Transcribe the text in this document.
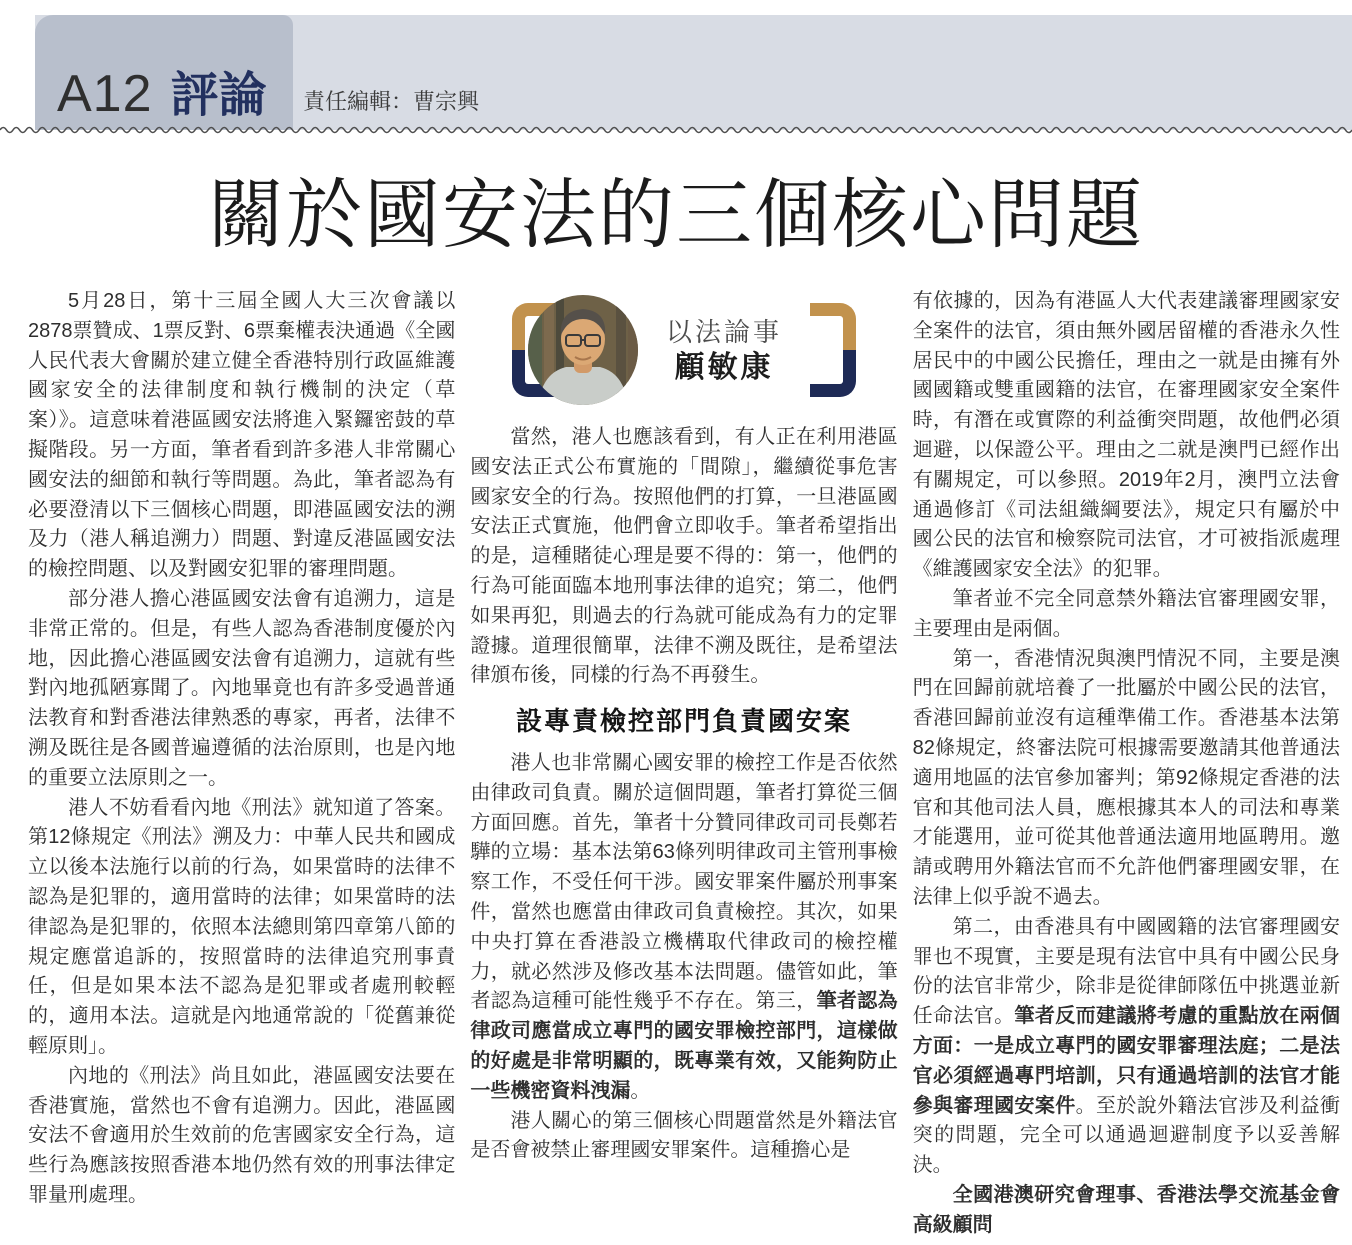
A12 評論 責任編輯：曹宗興
關於國安法的三個核心問題

5月28日，第十三屆全國人大三次會議以2878票贊成、1票反對、6票棄權表決通過《全國人民代表大會關於建立健全香港特別行政區維護國家安全的法律制度和執行機制的決定（草案）》。這意味着港區國安法將進入緊鑼密鼓的草擬階段。另一方面，筆者看到許多港人非常關心國安法的細節和執行等問題。為此，筆者認為有必要澄清以下三個核心問題，即港區國安法的溯及力（港人稱追溯力）問題、對違反港區國安法的檢控問題、以及對國安犯罪的審理問題。

部分港人擔心港區國安法會有追溯力，這是非常正常的。但是，有些人認為香港制度優於內地，因此擔心港區國安法會有追溯力，這就有些對內地孤陋寡聞了。內地畢竟也有許多受過普通法教育和對香港法律熟悉的專家，再者，法律不溯及既往是各國普遍遵循的法治原則，也是內地的重要立法原則之一。

港人不妨看看內地《刑法》就知道了答案。第12條規定《刑法》溯及力：中華人民共和國成立以後本法施行以前的行為，如果當時的法律不認為是犯罪的，適用當時的法律；如果當時的法律認為是犯罪的，依照本法總則第四章第八節的規定應當追訴的，按照當時的法律追究刑事責任，但是如果本法不認為是犯罪或者處刑較輕的，適用本法。這就是內地通常說的「從舊兼從輕原則」。

內地的《刑法》尚且如此，港區國安法要在香港實施，當然也不會有追溯力。因此，港區國安法不會適用於生效前的危害國家安全行為，這些行為應該按照香港本地仍然有效的刑事法律定罪量刑處理。

以法論事
顧敏康

當然，港人也應該看到，有人正在利用港區國安法正式公布實施的「間隙」，繼續從事危害國家安全的行為。按照他們的打算，一旦港區國安法正式實施，他們會立即收手。筆者希望指出的是，這種賭徒心理是要不得的：第一，他們的行為可能面臨本地刑事法律的追究；第二，他們如果再犯，則過去的行為就可能成為有力的定罪證據。道理很簡單，法律不溯及既往，是希望法律頒布後，同樣的行為不再發生。

設專責檢控部門負責國安案

港人也非常關心國安罪的檢控工作是否依然由律政司負責。關於這個問題，筆者打算從三個方面回應。首先，筆者十分贊同律政司司長鄭若驊的立場：基本法第63條列明律政司主管刑事檢察工作，不受任何干涉。國安罪案件屬於刑事案件，當然也應當由律政司負責檢控。其次，如果中央打算在香港設立機構取代律政司的檢控權力，就必然涉及修改基本法問題。儘管如此，筆者認為這種可能性幾乎不存在。第三，筆者認為律政司應當成立專門的國安罪檢控部門，這樣做的好處是非常明顯的，既專業有效，又能夠防止一些機密資料洩漏。

港人關心的第三個核心問題當然是外籍法官是否會被禁止審理國安罪案件。這種擔心是

有依據的，因為有港區人大代表建議審理國家安全案件的法官，須由無外國居留權的香港永久性居民中的中國公民擔任，理由之一就是由擁有外國國籍或雙重國籍的法官，在審理國家安全案件時，有潛在或實際的利益衝突問題，故他們必須迴避，以保證公平。理由之二就是澳門已經作出有關規定，可以參照。2019年2月，澳門立法會通過修訂《司法組織綱要法》，規定只有屬於中國公民的法官和檢察院司法官，才可被指派處理《維護國家安全法》的犯罪。

筆者並不完全同意禁外籍法官審理國安罪，主要理由是兩個。

第一，香港情況與澳門情況不同，主要是澳門在回歸前就培養了一批屬於中國公民的法官，香港回歸前並沒有這種準備工作。香港基本法第82條規定，終審法院可根據需要邀請其他普通法適用地區的法官參加審判；第92條規定香港的法官和其他司法人員，應根據其本人的司法和專業才能選用，並可從其他普通法適用地區聘用。邀請或聘用外籍法官而不允許他們審理國安罪，在法律上似乎說不過去。

第二，由香港具有中國國籍的法官審理國安罪也不現實，主要是現有法官中具有中國公民身份的法官非常少，除非是從律師隊伍中挑選並新任命法官。筆者反而建議將考慮的重點放在兩個方面：一是成立專門的國安罪審理法庭；二是法官必須經過專門培訓，只有通過培訓的法官才能參與審理國安案件。至於說外籍法官涉及利益衝突的問題，完全可以通過迴避制度予以妥善解決。

全國港澳研究會理事、香港法學交流基金會高級顧問
